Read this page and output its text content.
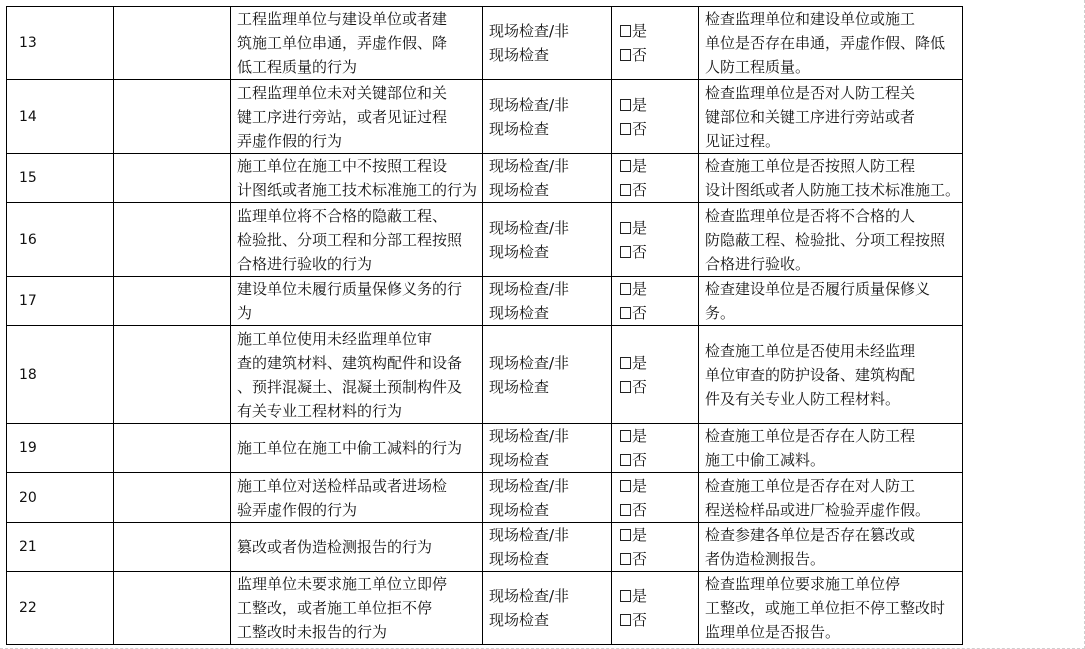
13		工程监理单位与建设单位或者建
筑施工单位串通，弄虚作假、降
低工程质量的行为	现场检查/非
现场检查	是
否	检查监理单位和建设单位或施工
单位是否存在串通，弄虚作假、降低
人防工程质量。

14		工程监理单位未对关键部位和关
键工序进行旁站，或者见证过程
弄虚作假的行为	现场检查/非
现场检查	是
否	检查监理单位是否对人防工程关
键部位和关键工序进行旁站或者
见证过程。

15		施工单位在施工中不按照工程设
计图纸或者施工技术标准施工的行为	现场检查/非
现场检查	是
否	检查施工单位是否按照人防工程
设计图纸或者人防施工技术标准施工。

16		监理单位将不合格的隐蔽工程、
检验批、分项工程和分部工程按照
合格进行验收的行为	现场检查/非
现场检查	是
否	检查监理单位是否将不合格的人
防隐蔽工程、检验批、分项工程按照
合格进行验收。

17		建设单位未履行质量保修义务的行
为	现场检查/非
现场检查	是
否	检查建设单位是否履行质量保修义
务。

18		施工单位使用未经监理单位审
查的建筑材料、建筑构配件和设备
、预拌混凝土、混凝土预制构件及
有关专业工程材料的行为	现场检查/非
现场检查	是
否	检查施工单位是否使用未经监理
单位审查的防护设备、建筑构配
件及有关专业人防工程材料。

19		施工单位在施工中偷工减料的行为	现场检查/非
现场检查	是
否	检查施工单位是否存在人防工程
施工中偷工减料。

20		施工单位对送检样品或者进场检
验弄虚作假的行为	现场检查/非
现场检查	是
否	检查施工单位是否存在对人防工
程送检样品或进厂检验弄虚作假。

21		篡改或者伪造检测报告的行为	现场检查/非
现场检查	是
否	检查参建各单位是否存在篡改或
者伪造检测报告。

22		监理单位未要求施工单位立即停
工整改，或者施工单位拒不停
工整改时未报告的行为	现场检查/非
现场检查	是
否	检查监理单位要求施工单位停
工整改，或施工单位拒不停工整改时
监理单位是否报告。
